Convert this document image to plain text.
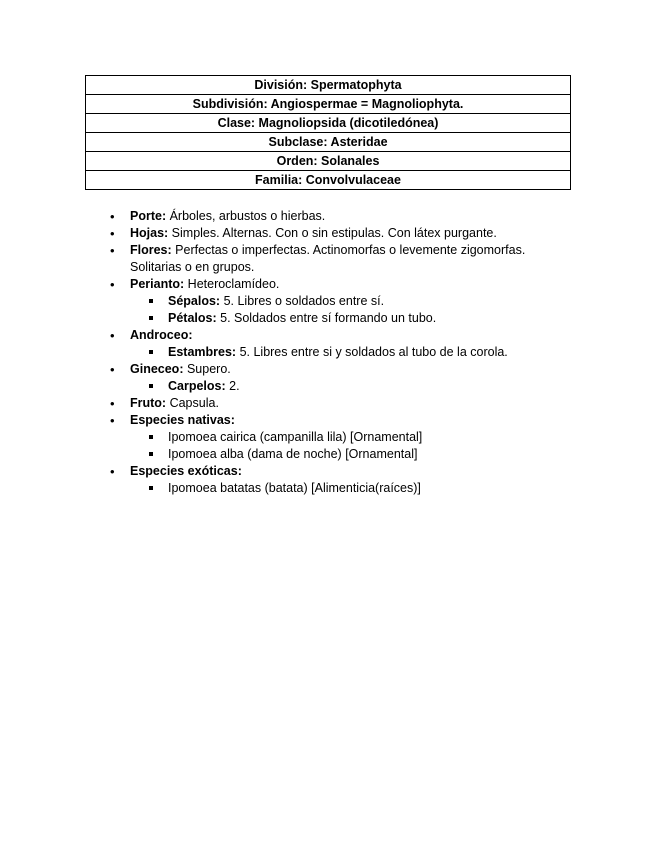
División: Spermatophyta
Subdivisión: Angiospermae = Magnoliophyta.
Clase: Magnoliopsida (dicotiledónea)
Subclase: Asteridae
Orden: Solanales
Familia: Convolvulaceae
• Porte: Árboles, arbustos o hierbas.
• Hojas: Simples. Alternas. Con o sin estipulas. Con látex purgante.
• Flores: Perfectas o imperfectas. Actinomorfas o levemente zigomorfas. Solitarias o en grupos.
• Perianto: Heteroclamídeo.
Sépalos: 5. Libres o soldados entre sí.
Pétalos: 5. Soldados entre sí formando un tubo.
• Androceo:
Estambres: 5. Libres entre si y soldados al tubo de la corola.
• Gineceo: Supero.
Carpelos: 2.
• Fruto: Capsula.
• Especies nativas:
Ipomoea cairica (campanilla lila) [Ornamental]
Ipomoea alba (dama de noche) [Ornamental]
• Especies exóticas:
Ipomoea batatas (batata) [Alimenticia(raíces)]
